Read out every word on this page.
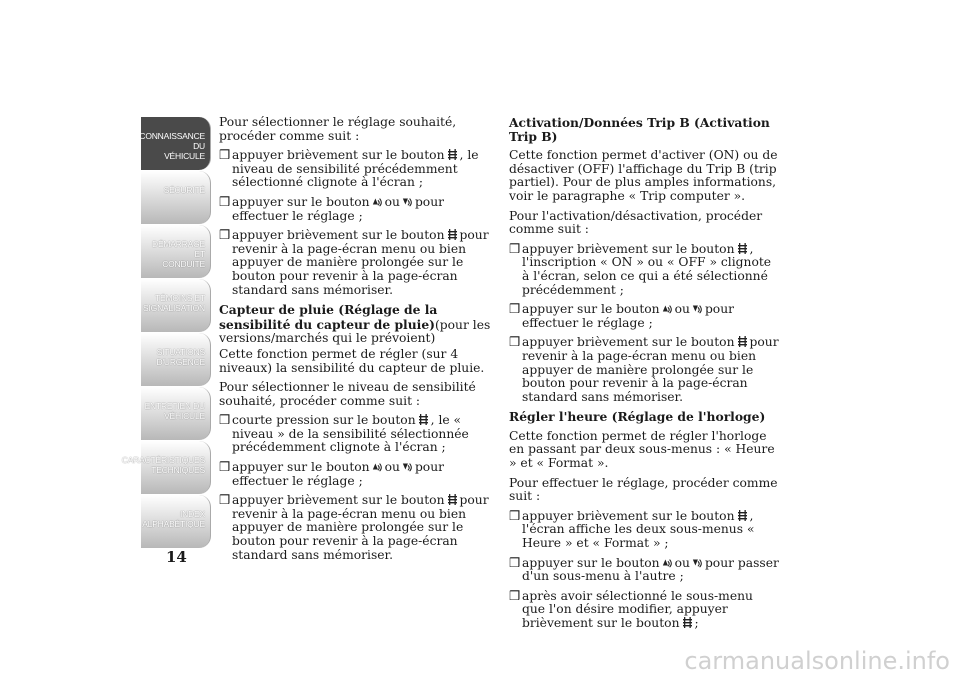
CONNAISSANCE DU
VÉHICULE
SÉCURITÉ
DÉMARRAGE ET
CONDUITE
TÉMOINS ET
SIGNALISATION
SITUATIONS
D'URGENCE
ENTRETIEN DU
VÉHICULE
CARACTÉRISTIQUES
TECHNIQUES
INDEX
ALPHABÉTIQUE
14

Pour sélectionner le réglage souhaité, procéder comme suit :

❒ appuyer brièvement sur le bouton , le niveau de sensibilité précédemment sélectionné clignote à l'écran ;
❒ appuyer sur le bouton ou pour effectuer le réglage ;
❒ appuyer brièvement sur le bouton pour revenir à la page-écran menu ou bien appuyer de manière prolongée sur le bouton pour revenir à la page-écran standard sans mémoriser.

Capteur de pluie (Réglage de la sensibilité du capteur de pluie)(pour les versions/marchés qui le prévoient)

Cette fonction permet de régler (sur 4 niveaux) la sensibilité du capteur de pluie.

Pour sélectionner le niveau de sensibilité souhaité, procéder comme suit :

❒ courte pression sur le bouton , le « niveau » de la sensibilité sélectionnée précédemment clignote à l'écran ;
❒ appuyer sur le bouton ou pour effectuer le réglage ;
❒ appuyer brièvement sur le bouton pour revenir à la page-écran menu ou bien appuyer de manière prolongée sur le bouton pour revenir à la page-écran standard sans mémoriser.

Activation/Données Trip B (Activation Trip B)

Cette fonction permet d'activer (ON) ou de désactiver (OFF) l'affichage du Trip B (trip partiel). Pour de plus amples informations, voir le paragraphe « Trip computer ».

Pour l'activation/désactivation, procéder comme suit :

❒ appuyer brièvement sur le bouton , l'inscription « ON » ou « OFF » clignote à l'écran, selon ce qui a été sélectionné précédemment ;
❒ appuyer sur le bouton ou pour effectuer le réglage ;
❒ appuyer brièvement sur le bouton pour revenir à la page-écran menu ou bien appuyer de manière prolongée sur le bouton pour revenir à la page-écran standard sans mémoriser.

Régler l'heure (Réglage de l'horloge)

Cette fonction permet de régler l'horloge en passant par deux sous-menus : « Heure » et « Format ».

Pour effectuer le réglage, procéder comme suit :

❒ appuyer brièvement sur le bouton , l'écran affiche les deux sous-menus « Heure » et « Format » ;
❒ appuyer sur le bouton ou pour passer d'un sous-menu à l'autre ;
❒ après avoir sélectionné le sous-menu que l'on désire modifier, appuyer brièvement sur le bouton ;
carmanualsonline.info
